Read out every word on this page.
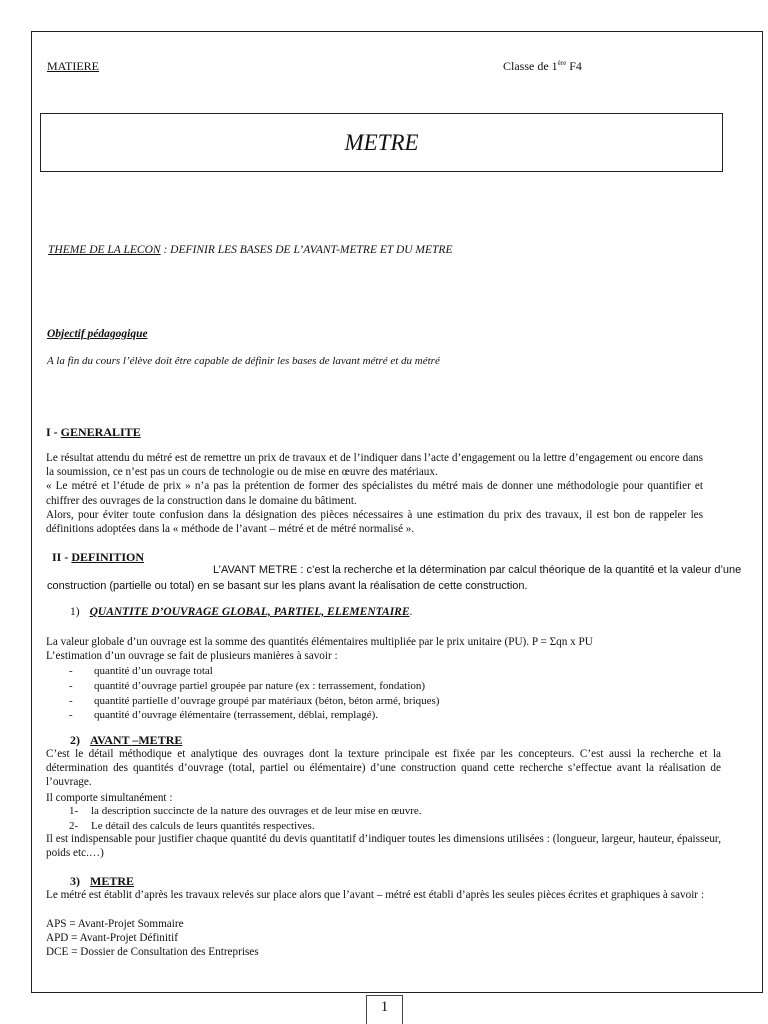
MATIERE	Classe de 1ère F4
METRE
THEME DE LA LECON : DEFINIR LES BASES DE L’AVANT-METRE ET DU METRE
Objectif pédagogique
A la fin du cours l’élève doit être capable de définir les bases de lavant métré et du métré
I - GENERALITE
Le résultat attendu du métré est de remettre un prix de travaux et de l’indiquer dans l’acte d’engagement ou la lettre d’engagement ou encore dans la soumission, ce n’est pas un cours de technologie ou de mise en œuvre des matériaux.
« Le métré et l’étude de prix » n’a pas la prétention de former des spécialistes du métré mais de donner une méthodologie pour quantifier et chiffrer des ouvrages de la construction dans le domaine du bâtiment.
Alors, pour éviter toute confusion dans la désignation des pièces nécessaires à une estimation du prix des travaux, il est bon de rappeler les définitions adoptées dans la « méthode de l’avant – métré et de métré normalisé ».
II - DEFINITION
L’AVANT METRE : c’est la recherche et la détermination par calcul théorique de la quantité et la valeur d’une
construction (partielle ou total) en se basant sur les plans avant la réalisation de cette construction.
1) QUANTITE D’OUVRAGE GLOBAL, PARTIEL, ELEMENTAIRE.
La valeur globale d’un ouvrage est la somme des quantités élémentaires multipliée par le prix unitaire (PU). P = Σqn x PU
L’estimation d’un ouvrage se fait de plusieurs manières à savoir :
- quantité d’un ouvrage total
- quantité d’ouvrage partiel groupée par nature (ex : terrassement, fondation)
- quantité partielle d’ouvrage groupé par matériaux (béton, béton armé, briques)
- quantité d’ouvrage élémentaire (terrassement, déblai, remplagé).
2) AVANT –METRE
C’est le détail méthodique et analytique des ouvrages dont la texture principale est fixée par les concepteurs. C’est aussi la recherche et la détermination des quantités d’ouvrage (total, partiel ou élémentaire) d’une construction quand cette recherche s’effectue avant la réalisation de l’ouvrage.
Il comporte simultanément :
1- la description succincte de la nature des ouvrages et de leur mise en œuvre.
2- Le détail des calculs de leurs quantités respectives.
Il est indispensable pour justifier chaque quantité du devis quantitatif d’indiquer toutes les dimensions utilisées : (longueur, largeur, hauteur, épaisseur, poids etc.…)
3) METRE
Le métré est établit d’après les travaux relevés sur place alors que l’avant – métré est établi d’après les seules pièces écrites et graphiques à savoir :
APS = Avant-Projet Sommaire
APD = Avant-Projet Définitif
DCE = Dossier de Consultation des Entreprises
1
